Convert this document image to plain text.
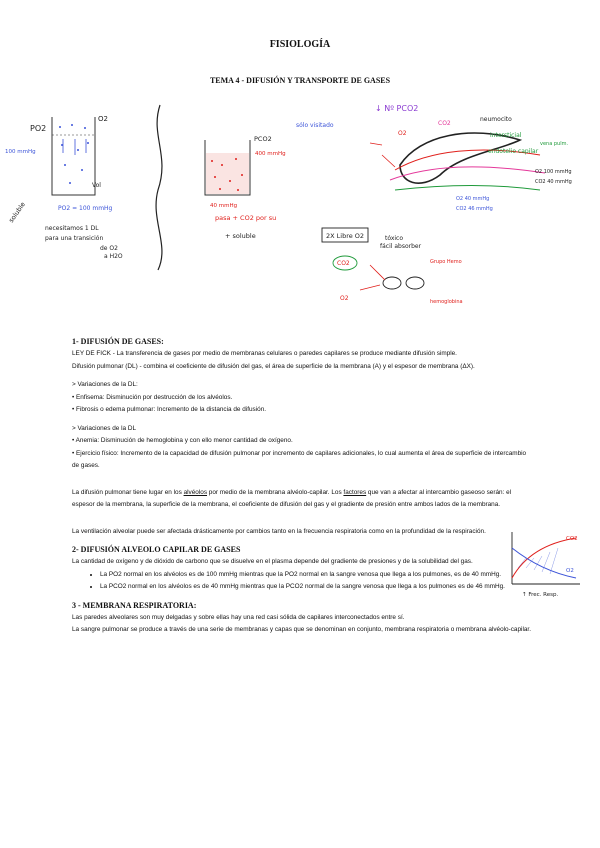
FISIOLOGÍA
TEMA 4 - DIFUSIÓN Y TRANSPORTE DE GASES
PO2
O2
100 mmHg
Vol
soluble	PO2 = 100 mmHg
necesitamos 1 DL
para una transición
de O2
a H2O
PCO2
400 mmHg
40 mmHg
pasa + CO2 por su
+ soluble
sólo visitado
↓ Nº PCO2
O2
CO2
neumocito
intersticial
endotelio capilar
vena pulm.
O2 100 mmHg
CO2 40 mmHg
O2 40 mmHg
CO2 46 mmHg
2X Libre O2	tóxico
fácil absorber
CO2
O2
Grupo Hemo
hemoglobina
CO2
O2
↑ Frec. Resp.
1- DIFUSIÓN DE GASES:

LEY DE FICK - La transferencia de gases por medio de membranas celulares o paredes capilares se produce mediante difusión simple.

Difusión pulmonar (DL) - combina el coeficiente de difusión del gas, el área de superficie de la membrana (A) y el espesor de membrana (ΔX).

> Variaciones de la DL:

• Enfisema: Disminución por destrucción de los alvéolos.

• Fibrosis o edema pulmonar: Incremento de la distancia de difusión.

> Variaciones de la DL

• Anemia: Disminución de hemoglobina y con ello menor cantidad de oxígeno.

• Ejercicio físico: Incremento de la capacidad de difusión pulmonar por incremento de capilares adicionales, lo cual aumenta el área de superficie de intercambio de gases.

La difusión pulmonar tiene lugar en los alvéolos por medio de la membrana alvéolo-capilar. Los factores que van a afectar al intercambio gaseoso serán: el espesor de la membrana, la superficie de la membrana, el coeficiente de difusión del gas y el gradiente de presión entre ambos lados de la membrana.

La ventilación alveolar puede ser afectada drásticamente por cambios tanto en la frecuencia respiratoria como en la profundidad de la respiración.

2- DIFUSIÓN ALVEOLO CAPILAR DE GASES

La cantidad de oxígeno y de dióxido de carbono que se disuelve en el plasma depende del gradiente de presiones y de la solubilidad del gas.

• La PO2 normal en los alvéolos es de 100 mmHg mientras que la PO2 normal en la sangre venosa que llega a los pulmones, es de 40 mmHg.
• La PCO2 normal en los alvéolos es de 40 mmHg mientras que la PCO2 normal de la sangre venosa que llega a los pulmones es de 46 mmHg.
3 - MEMBRANA RESPIRATORIA:

Las paredes alveolares son muy delgadas y sobre ellas hay una red casi sólida de capilares interconectados entre sí.

La sangre pulmonar se produce a través de una serie de membranas y capas que se denominan en conjunto, membrana respiratoria o membrana alvéolo-capilar.
